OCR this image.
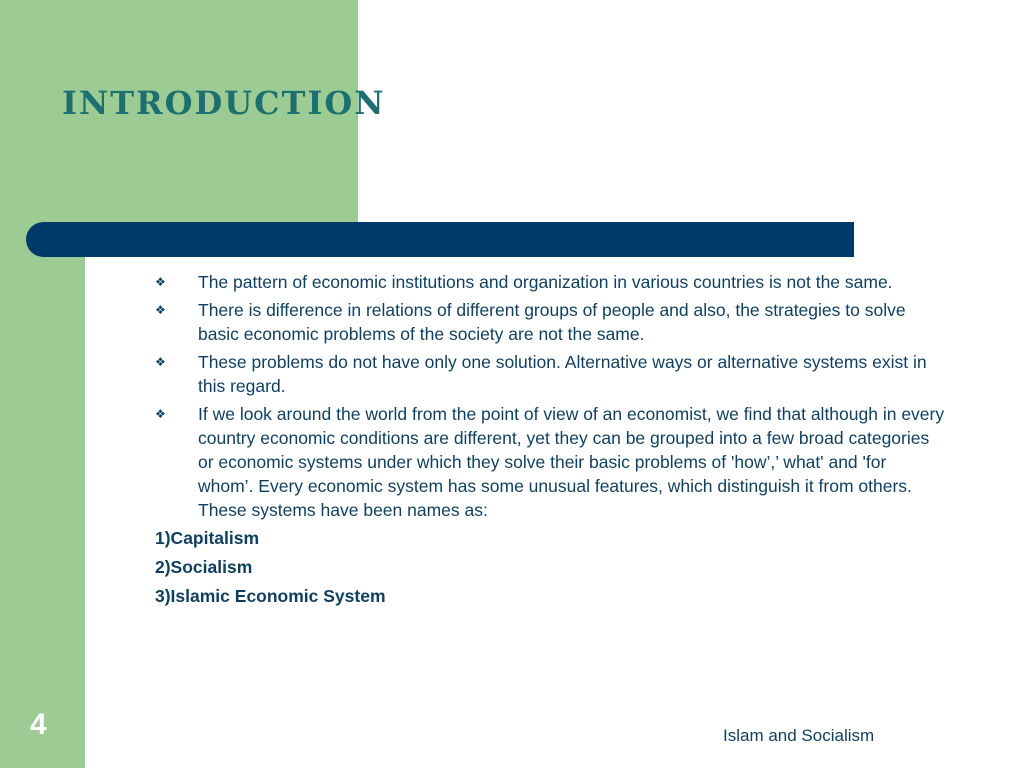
introduction
❖ The pattern of economic institutions and organization in various countries is not the same.
❖ There is difference in relations of different groups of people and also, the strategies to solve basic economic problems of the society are not the same.
❖ These problems do not have only one solution. Alternative ways or alternative systems exist in this regard.
❖ If we look around the world from the point of view of an economist, we find that although in every country economic conditions are different, yet they can be grouped into a few broad categories or economic systems under which they solve their basic problems of 'how’,’ what' and 'for whom’. Every economic system has some unusual features, which distinguish it from others. These systems have been names as:
1)Capitalism
2)Socialism
3)Islamic Economic System
4	Islam and Socialism
